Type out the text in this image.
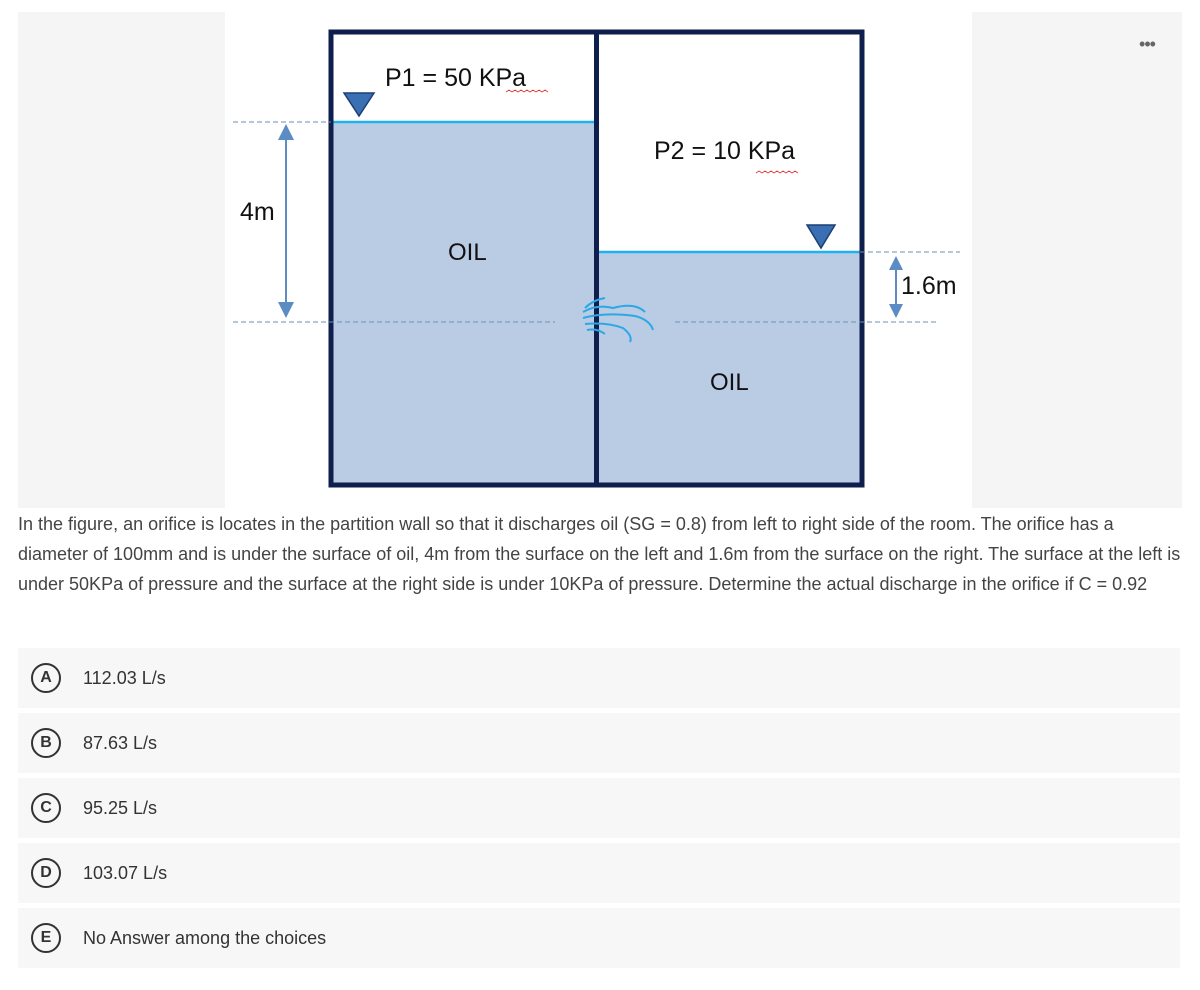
P1 = 50 KPa
P2 = 10 KPa
OIL
OIL
4m
1.6m
•••
In the figure, an orifice is locates in the partition wall so that it discharges oil (SG = 0.8) from left to right side of the room. The orifice has a diameter of 100mm and is under the surface of oil, 4m from the surface on the left and 1.6m from the surface on the right. The surface at the left is under 50KPa of pressure and the surface at the right side is under 10KPa of pressure. Determine the actual discharge in the orifice if C = 0.92
A	112.03 L/s
B	87.63 L/s
C	95.25 L/s
D	103.07 L/s
E	No Answer among the choices
